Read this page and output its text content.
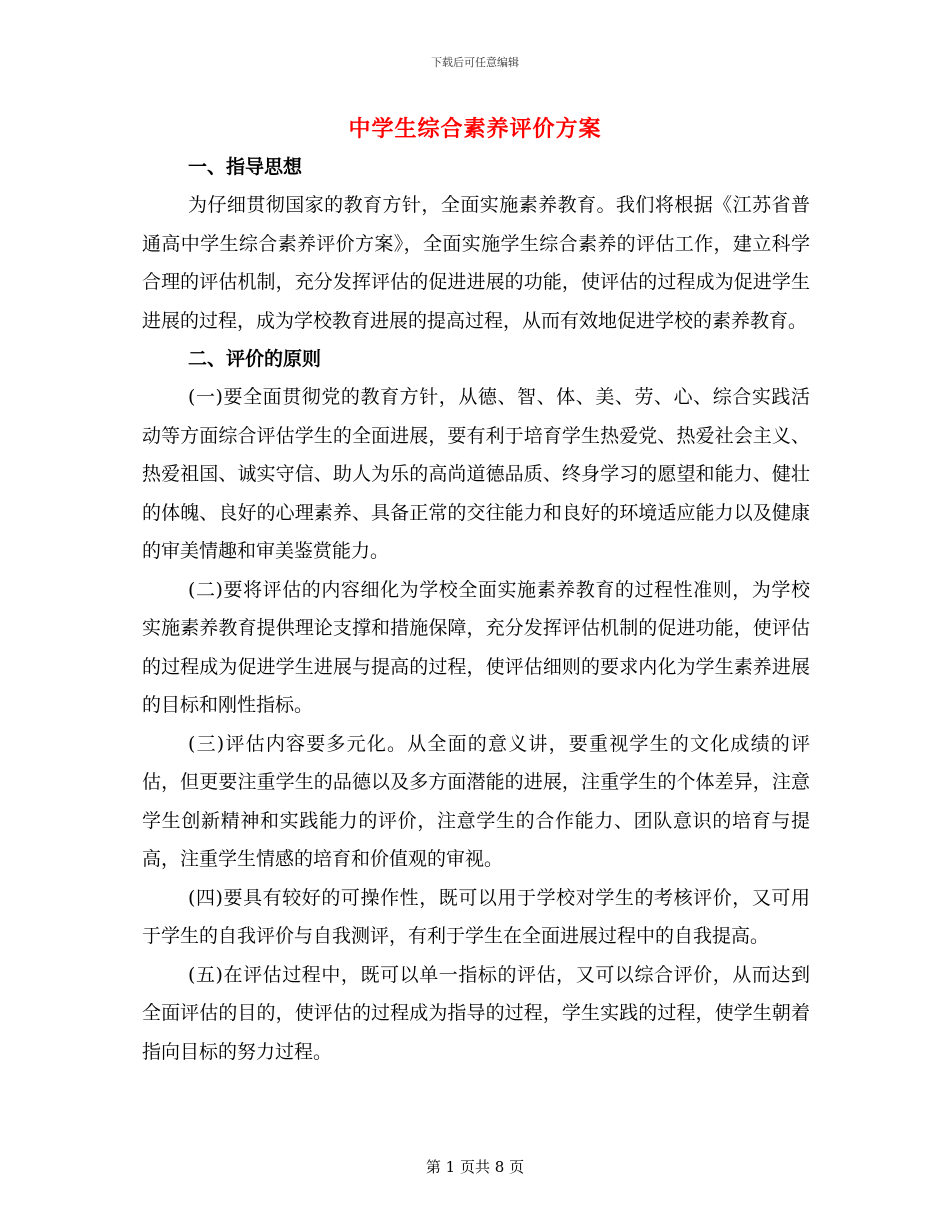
下载后可任意编辑
中学生综合素养评价方案
一、指导思想

为仔细贯彻国家的教育方针，全面实施素养教育。我们将根据《江苏省普通高中学生综合素养评价方案》，全面实施学生综合素养的评估工作，建立科学合理的评估机制，充分发挥评估的促进进展的功能，使评估的过程成为促进学生进展的过程，成为学校教育进展的提高过程，从而有效地促进学校的素养教育。

二、评价的原则

(一)要全面贯彻党的教育方针，从德、智、体、美、劳、心、综合实践活动等方面综合评估学生的全面进展，要有利于培育学生热爱党、热爱社会主义、热爱祖国、诚实守信、助人为乐的高尚道德品质、终身学习的愿望和能力、健壮的体魄、良好的心理素养、具备正常的交往能力和良好的环境适应能力以及健康的审美情趣和审美鉴赏能力。

(二)要将评估的内容细化为学校全面实施素养教育的过程性准则，为学校实施素养教育提供理论支撑和措施保障，充分发挥评估机制的促进功能，使评估的过程成为促进学生进展与提高的过程，使评估细则的要求内化为学生素养进展的目标和刚性指标。

(三)评估内容要多元化。从全面的意义讲，要重视学生的文化成绩的评估，但更要注重学生的品德以及多方面潜能的进展，注重学生的个体差异，注意学生创新精神和实践能力的评价，注意学生的合作能力、团队意识的培育与提高，注重学生情感的培育和价值观的审视。

(四)要具有较好的可操作性，既可以用于学校对学生的考核评价，又可用于学生的自我评价与自我测评，有利于学生在全面进展过程中的自我提高。

(五)在评估过程中，既可以单一指标的评估，又可以综合评价，从而达到全面评估的目的，使评估的过程成为指导的过程，学生实践的过程，使学生朝着指向目标的努力过程。

第 1 页共 8 页
